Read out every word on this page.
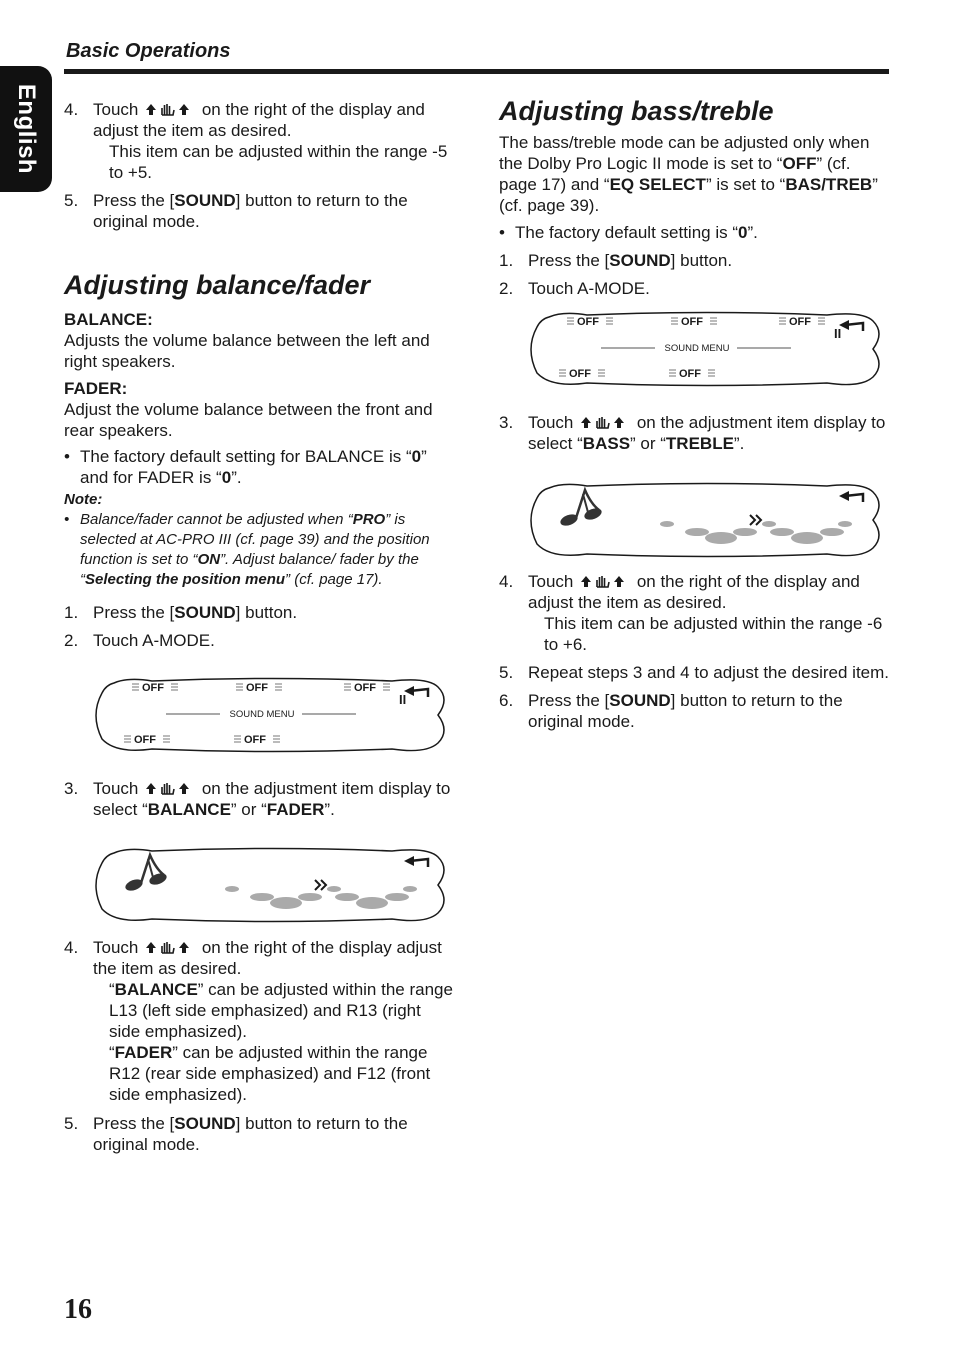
English
Basic Operations
4. Touch	on the right of the display and adjust the item as desired.

This item can be adjusted within the range -5 to +5.

5. Press the [SOUND] button to return to the original mode.
Adjusting balance/fader

BALANCE:

Adjusts the volume balance between the left and right speakers.

FADER:

Adjust the volume balance between the front and rear speakers.

• The factory default setting for BALANCE is “0” and for FADER is “0”.
Note:
• Balance/fader cannot be adjusted when “PRO” is selected at AC-PRO III (cf. page 39) and the position function is set to “ON”. Adjust balance/ fader by the “Selecting the position menu” (cf. page 17).
1. Press the [SOUND] button.
2. Touch A-MODE.
OFF	OFF	OFF
OFF	OFF
SOUND MENU
II
3. Touch	on the adjustment item display to select “BALANCE” or “FADER”.
4. Touch	on the right of the display adjust the item as desired.

“BALANCE” can be adjusted within the range L13 (left side emphasized) and R13 (right side emphasized).

“FADER” can be adjusted within the range R12 (rear side emphasized) and F12 (front side emphasized).

5. Press the [SOUND] button to return to the original mode.
Adjusting bass/treble

The bass/treble mode can be adjusted only when the Dolby Pro Logic II mode is set to “OFF” (cf. page 17) and “EQ SELECT” is set to “BAS/TREB” (cf. page 39).

• The factory default setting is “0”.
1. Press the [SOUND] button.
2. Touch A-MODE.
OFF	OFF	OFF
OFF	OFF
SOUND MENU
II
3. Touch	on the adjustment item display to select “BASS” or “TREBLE”.
4. Touch	on the right of the display and adjust the item as desired.

This item can be adjusted within the range -6 to +6.

5. Repeat steps 3 and 4 to adjust the desired item.
6. Press the [SOUND] button to return to the original mode.
16
